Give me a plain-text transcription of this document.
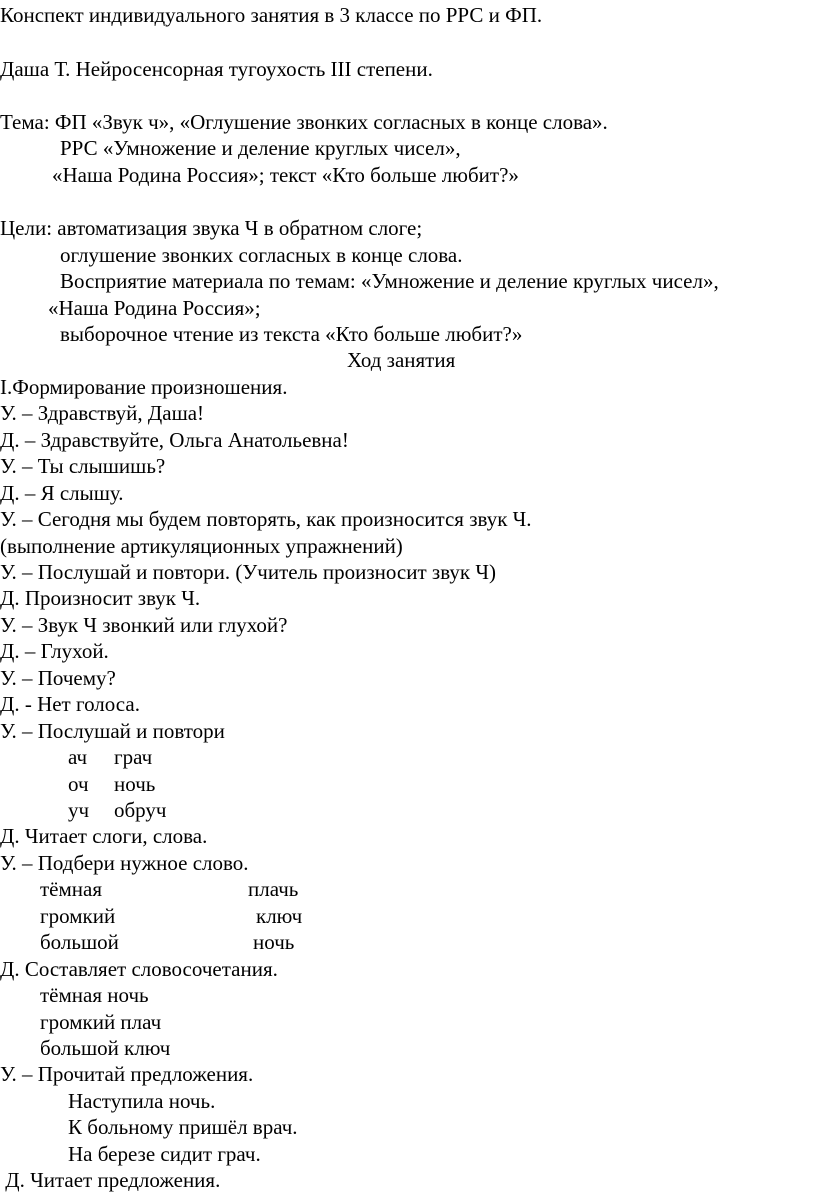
Конспект индивидуального занятия в 3 классе по РРС и ФП.

Даша Т. Нейросенсорная тугоухость III степени.

Тема: ФП «Звук ч», «Оглушение звонких согласных в конце слова».

РРС «Умножение и деление круглых чисел»,

«Наша Родина Россия»; текст «Кто больше любит?»

Цели: автоматизация звука Ч в обратном слоге;

оглушение звонких согласных в конце слова.

Восприятие материала по темам: «Умножение и деление круглых чисел»,

«Наша Родина Россия»;

выборочное чтение из текста «Кто больше любит?»

Ход занятия

I.Формирование произношения.

У. – Здравствуй, Даша!

Д. – Здравствуйте, Ольга Анатольевна!

У. – Ты слышишь?

Д. – Я слышу.

У. – Сегодня мы будем повторять, как произносится звук Ч.

(выполнение артикуляционных упражнений)

У. – Послушай и повтори. (Учитель произносит звук Ч)

Д. Произносит звук Ч.

У. – Звук Ч звонкий или глухой?

Д. – Глухой.

У. – Почему?

Д. - Нет голоса.

У. – Послушай и повтори

ач грач

оч ночь

уч обруч

Д. Читает слоги, слова.

У. – Подбери нужное слово.

тёмная	плачь

громкий	ключ

большой	ночь

Д. Составляет словосочетания.

тёмная ночь

громкий плач

большой ключ

У. – Прочитай предложения.

Наступила ночь.

К больному пришёл врач.

На березе сидит грач.

Д. Читает предложения.
